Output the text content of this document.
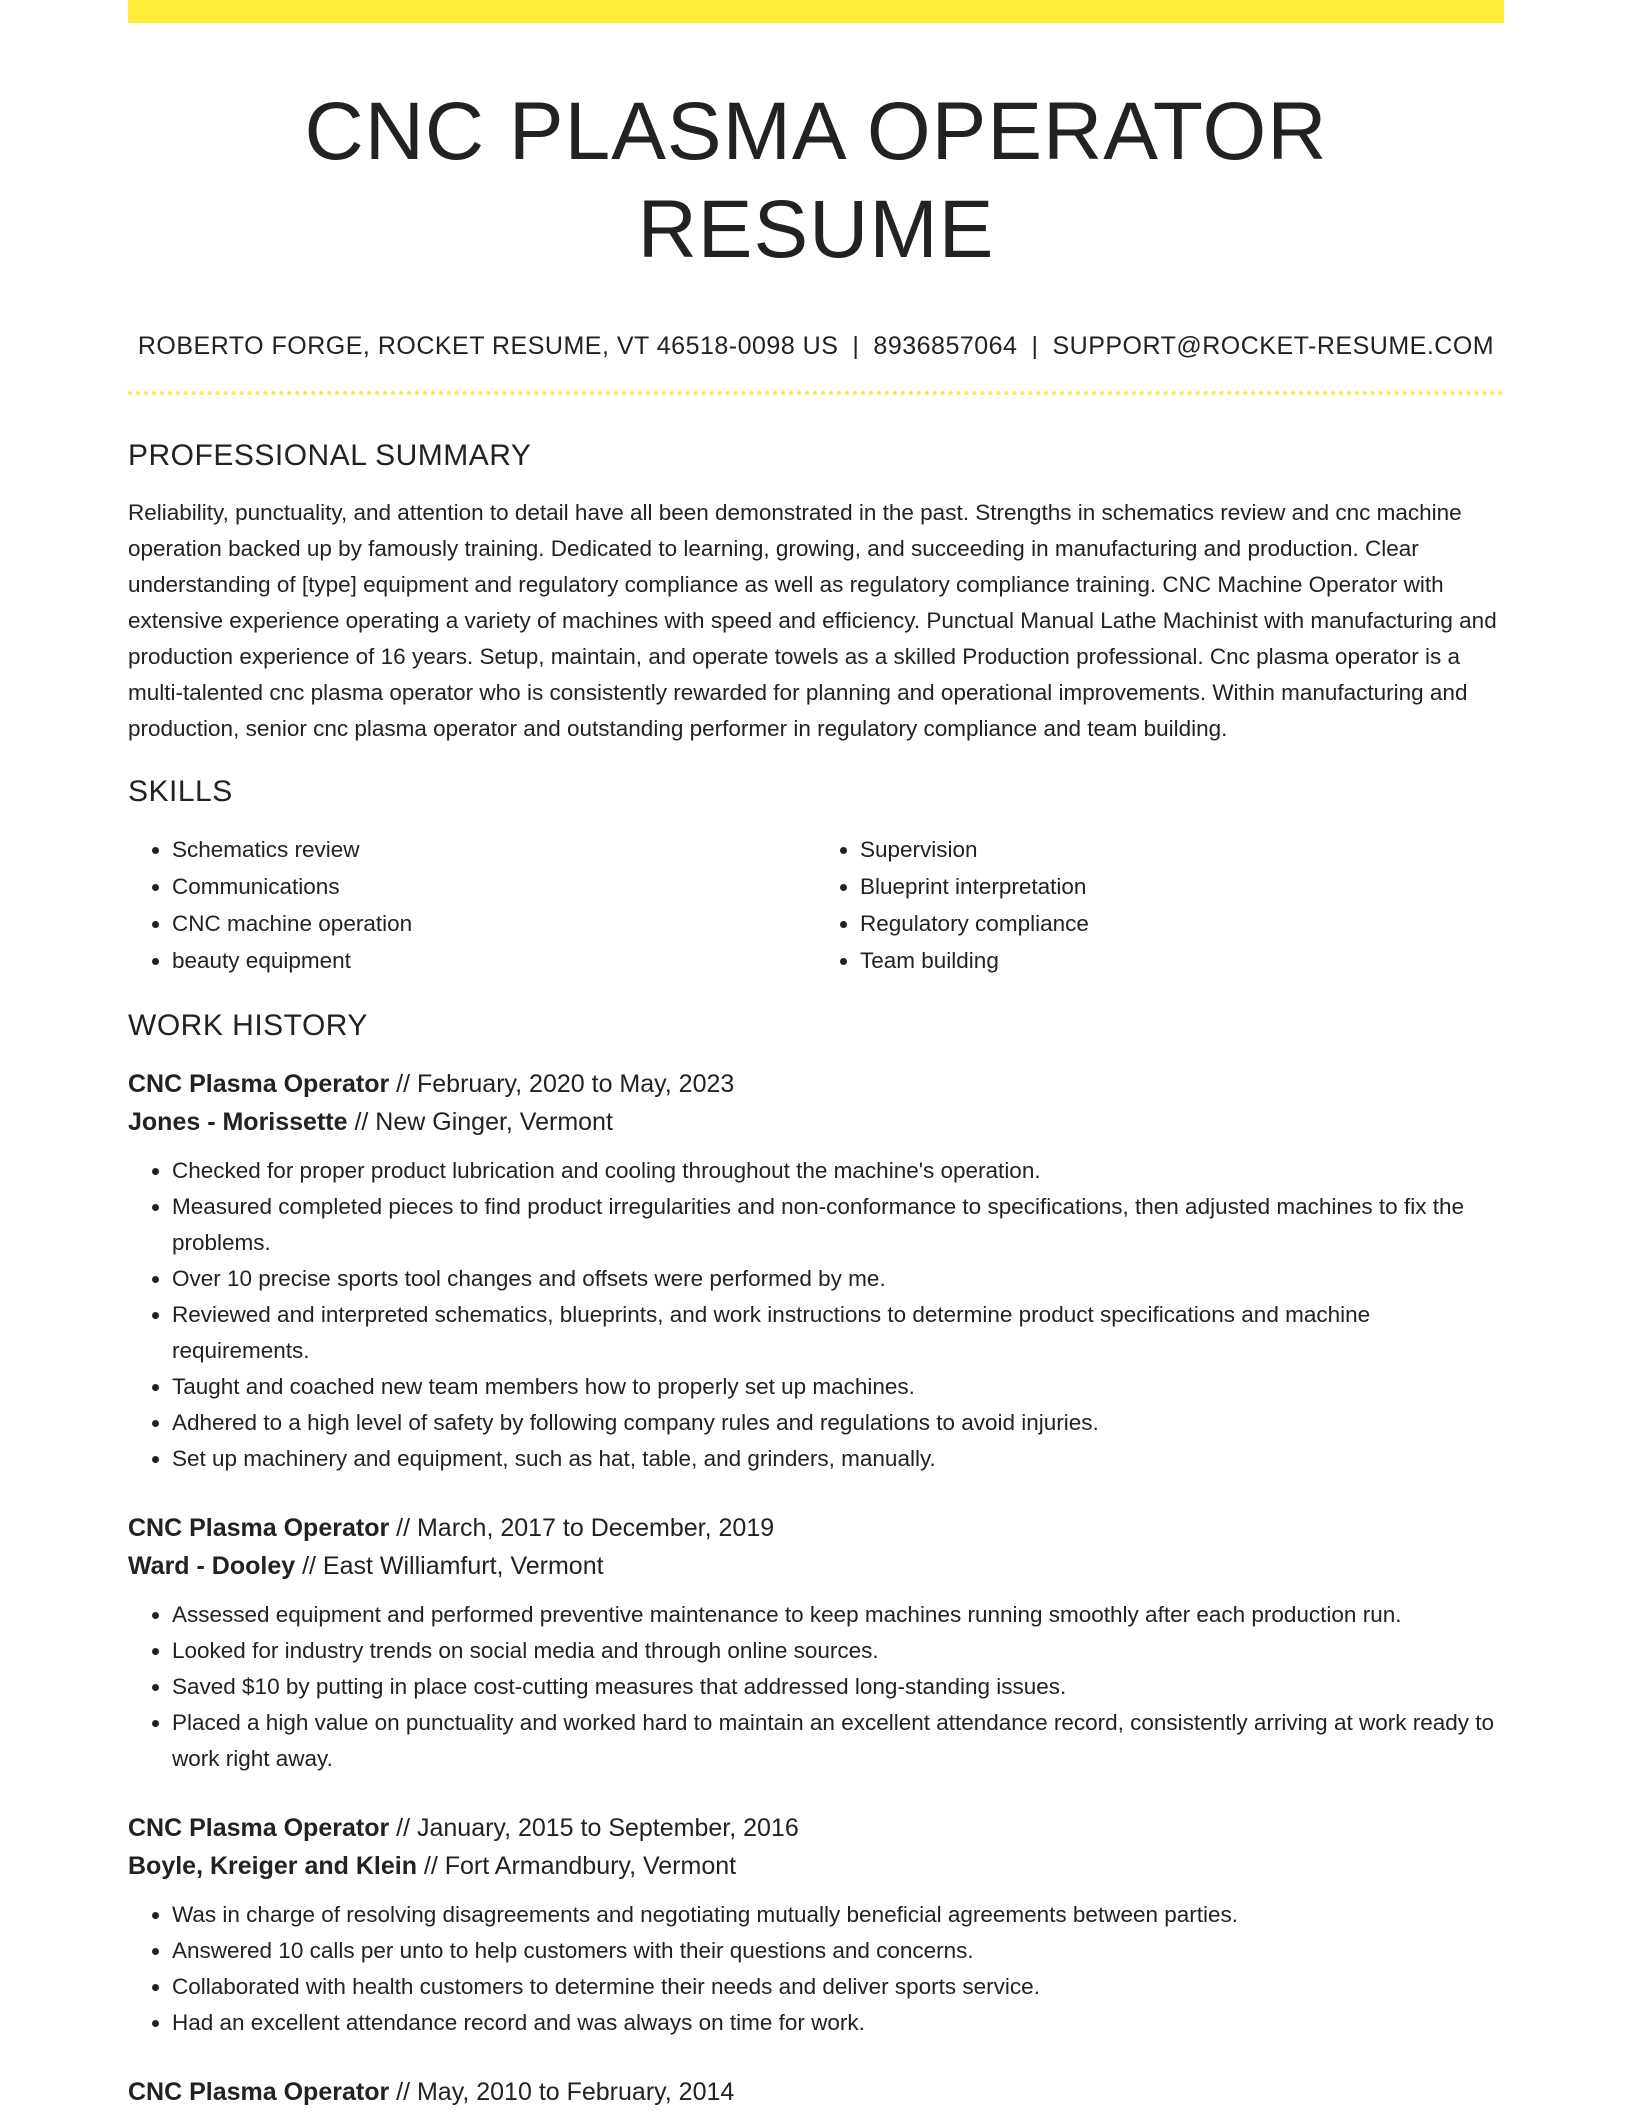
CNC PLASMA OPERATOR RESUME
ROBERTO FORGE, ROCKET RESUME, VT 46518-0098 US | 8936857064 | SUPPORT@ROCKET-RESUME.COM
PROFESSIONAL SUMMARY

Reliability, punctuality, and attention to detail have all been demonstrated in the past. Strengths in schematics review and cnc machine operation backed up by famously training. Dedicated to learning, growing, and succeeding in manufacturing and production. Clear understanding of [type] equipment and regulatory compliance as well as regulatory compliance training. CNC Machine Operator with extensive experience operating a variety of machines with speed and efficiency. Punctual Manual Lathe Machinist with manufacturing and production experience of 16 years. Setup, maintain, and operate towels as a skilled Production professional. Cnc plasma operator is a multi-talented cnc plasma operator who is consistently rewarded for planning and operational improvements. Within manufacturing and production, senior cnc plasma operator and outstanding performer in regulatory compliance and team building.

SKILLS
• Schematics review
• Communications
• CNC machine operation
• beauty equipment
• Supervision
• Blueprint interpretation
• Regulatory compliance
• Team building
WORK HISTORY
CNC Plasma Operator // February, 2020 to May, 2023
Jones - Morissette // New Ginger, Vermont
• Checked for proper product lubrication and cooling throughout the machine's operation.
• Measured completed pieces to find product irregularities and non-conformance to specifications, then adjusted machines to fix the problems.
• Over 10 precise sports tool changes and offsets were performed by me.
• Reviewed and interpreted schematics, blueprints, and work instructions to determine product specifications and machine requirements.
• Taught and coached new team members how to properly set up machines.
• Adhered to a high level of safety by following company rules and regulations to avoid injuries.
• Set up machinery and equipment, such as hat, table, and grinders, manually.
CNC Plasma Operator // March, 2017 to December, 2019
Ward - Dooley // East Williamfurt, Vermont
• Assessed equipment and performed preventive maintenance to keep machines running smoothly after each production run.
• Looked for industry trends on social media and through online sources.
• Saved $10 by putting in place cost-cutting measures that addressed long-standing issues.
• Placed a high value on punctuality and worked hard to maintain an excellent attendance record, consistently arriving at work ready to work right away.
CNC Plasma Operator // January, 2015 to September, 2016
Boyle, Kreiger and Klein // Fort Armandbury, Vermont
• Was in charge of resolving disagreements and negotiating mutually beneficial agreements between parties.
• Answered 10 calls per unto to help customers with their questions and concerns.
• Collaborated with health customers to determine their needs and deliver sports service.
• Had an excellent attendance record and was always on time for work.
CNC Plasma Operator // May, 2010 to February, 2014
